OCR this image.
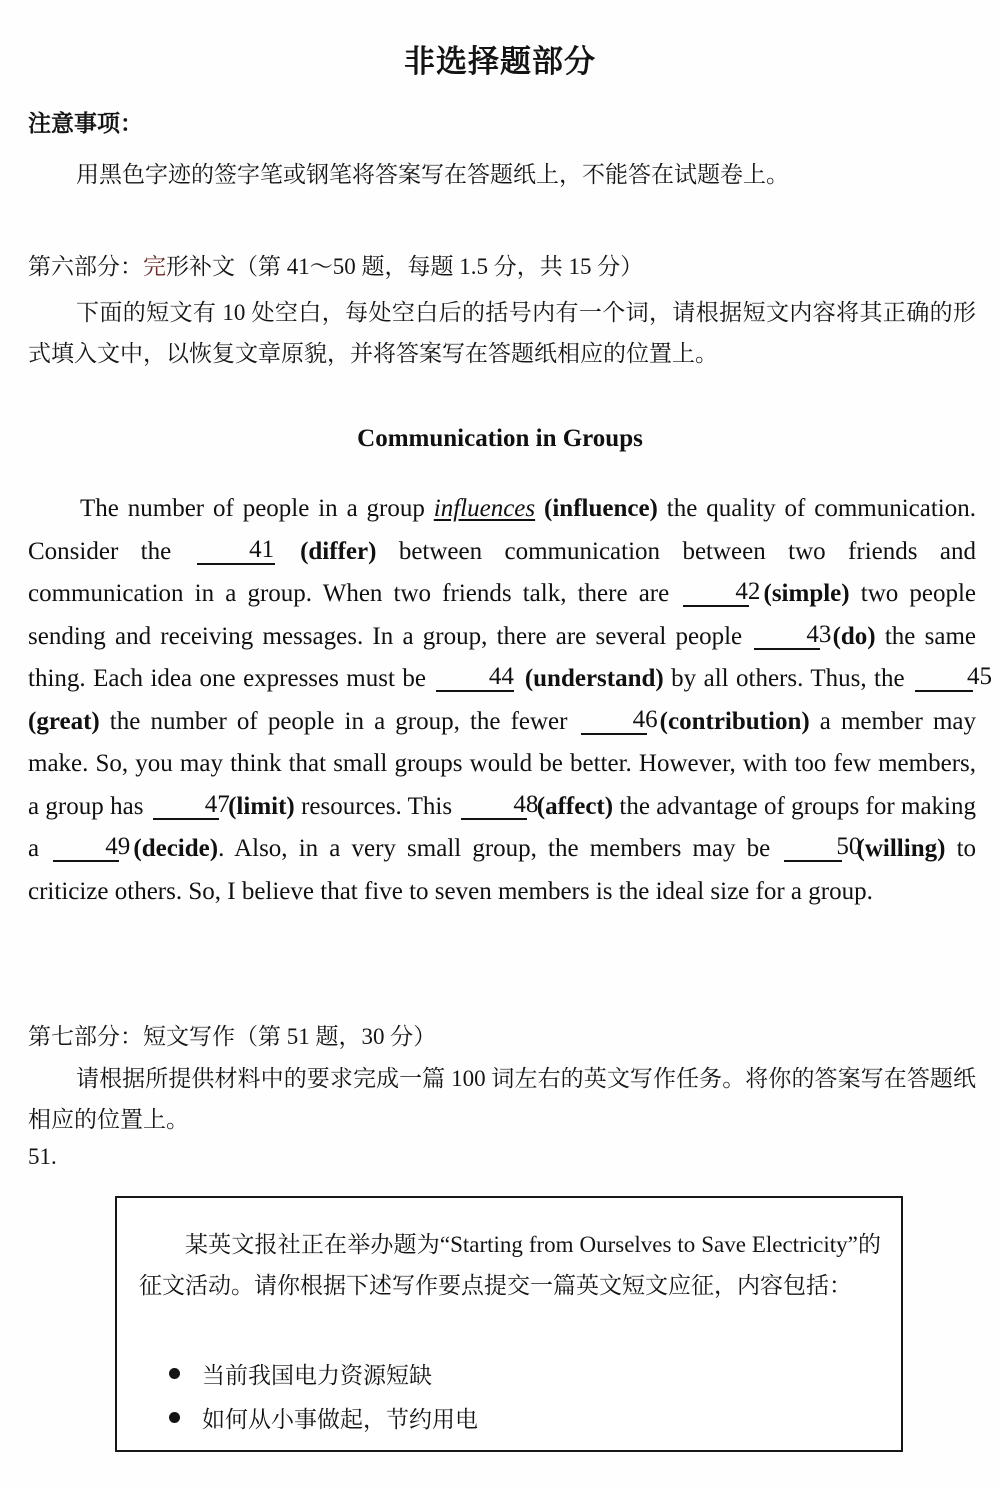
非选择题部分
注意事项：
用黑色字迹的签字笔或钢笔将答案写在答题纸上，不能答在试题卷上。
第六部分：完形补文（第 41～50 题，每题 1.5 分，共 15 分）
下面的短文有 10 处空白，每处空白后的括号内有一个词，请根据短文内容将其正确的形式填入文中，以恢复文章原貌，并将答案写在答题纸相应的位置上。
Communication in Groups
The number of people in a group influences (influence) the quality of communication. Consider the 41 (differ) between communication between two friends and communication in a group. When two friends talk, there are 42 (simple) two people sending and receiving messages. In a group, there are several people 43 (do) the same thing. Each idea one expresses must be 44 (understand) by all others. Thus, the 45 (great) the number of people in a group, the fewer 46 (contribution) a member may make. So, you may think that small groups would be better. However, with too few members, a group has 47 (limit) resources. This 48 (affect) the advantage of groups for making a 49 (decide). Also, in a very small group, the members may be 50 (willing) to criticize others. So, I believe that five to seven members is the ideal size for a group.
第七部分：短文写作（第 51 题，30 分）
请根据所提供材料中的要求完成一篇 100 词左右的英文写作任务。将你的答案写在答题纸相应的位置上。
51.
某英文报社正在举办题为“Starting from Ourselves to Save Electricity”的征文活动。请你根据下述写作要点提交一篇英文短文应征，内容包括：
当前我国电力资源短缺
如何从小事做起，节约用电
